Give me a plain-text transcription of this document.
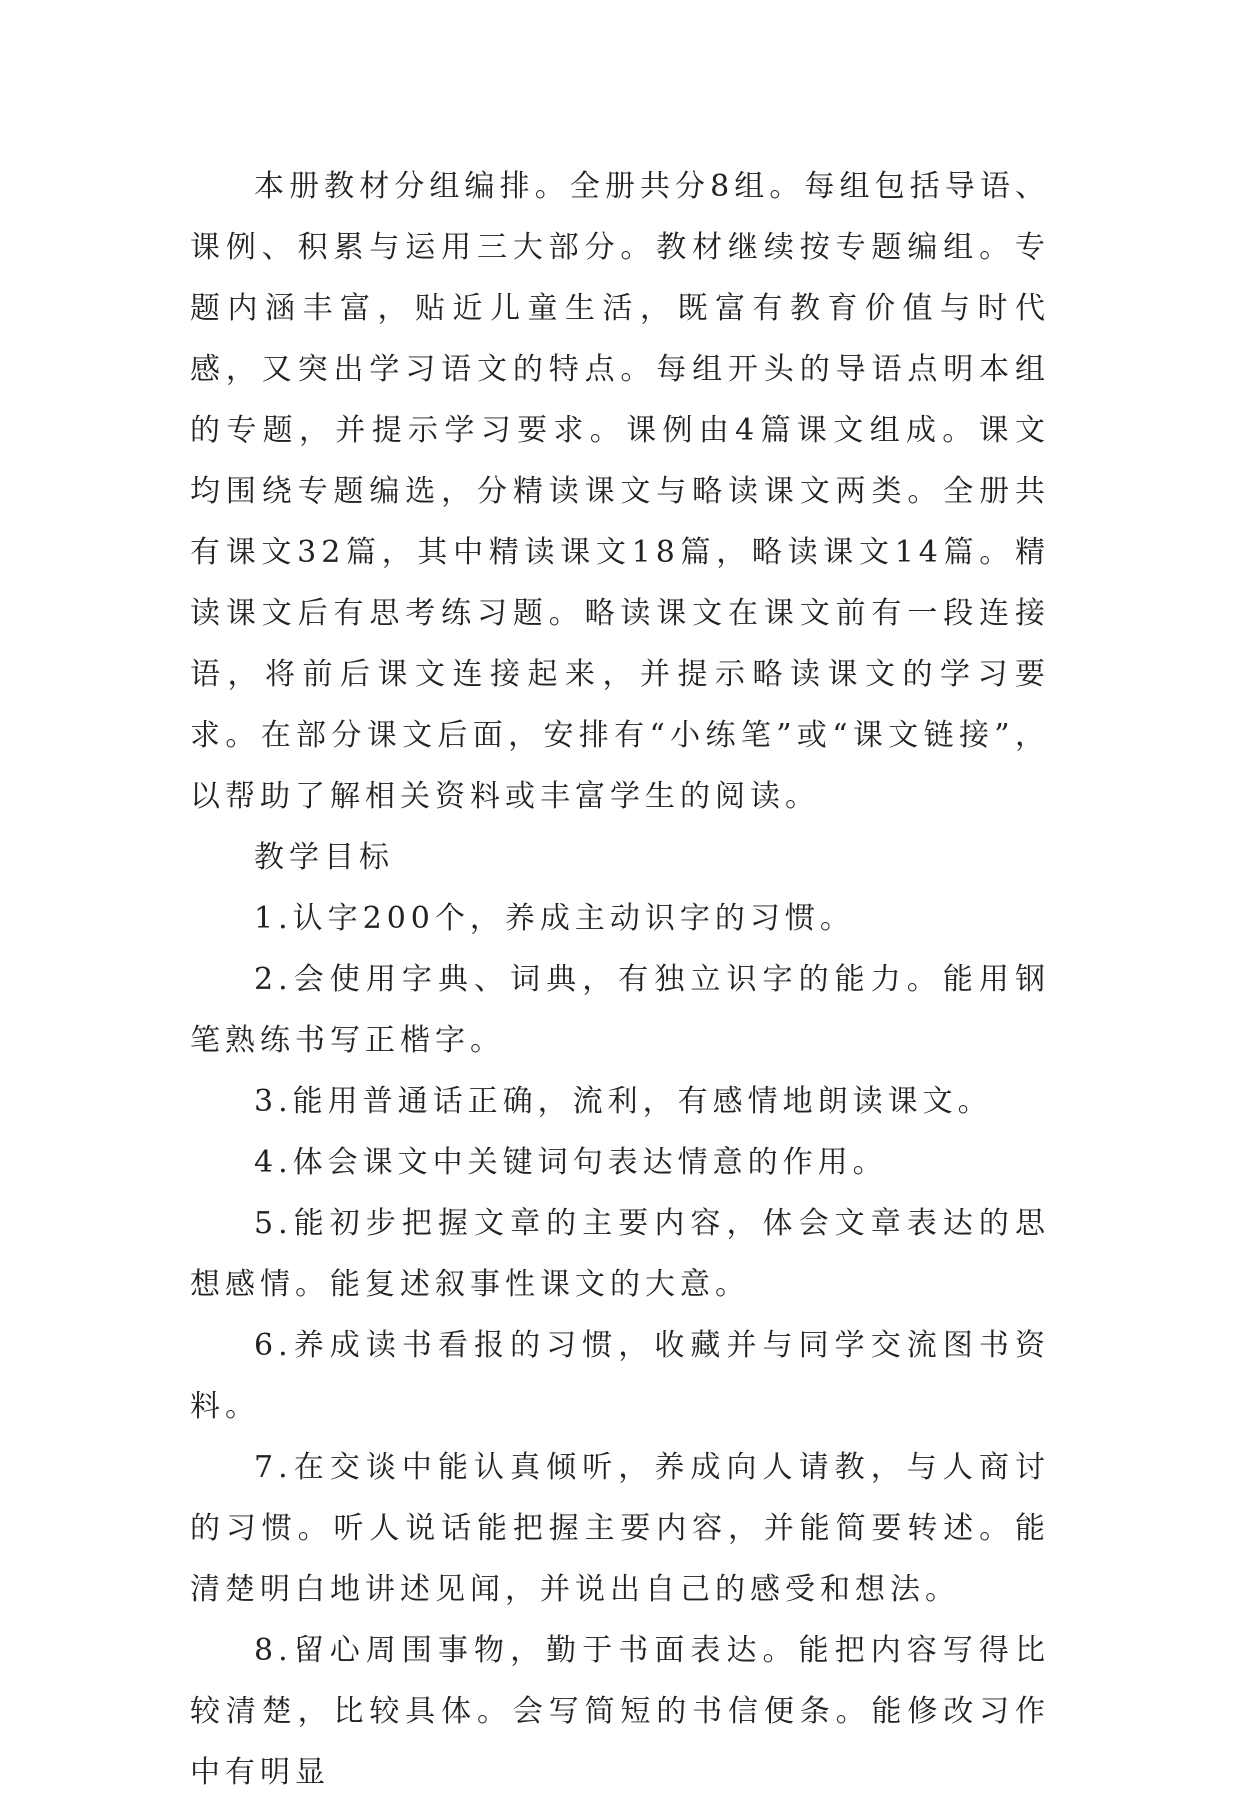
本册教材分组编排。全册共分8组。每组包括导语、课例、积累与运用三大部分。教材继续按专题编组。专题内涵丰富，贴近儿童生活，既富有教育价值与时代感，又突出学习语文的特点。每组开头的导语点明本组的专题，并提示学习要求。课例由4篇课文组成。课文均围绕专题编选，分精读课文与略读课文两类。全册共有课文32篇，其中精读课文18篇，略读课文14篇。精读课文后有思考练习题。略读课文在课文前有一段连接语，将前后课文连接起来，并提示略读课文的学习要求。在部分课文后面，安排有“小练笔”或“课文链接”，以帮助了解相关资料或丰富学生的阅读。

教学目标

1.认字200个，养成主动识字的习惯。

2.会使用字典、词典，有独立识字的能力。能用钢笔熟练书写正楷字。

3.能用普通话正确，流利，有感情地朗读课文。

4.体会课文中关键词句表达情意的作用。

5.能初步把握文章的主要内容，体会文章表达的思想感情。能复述叙事性课文的大意。

6.养成读书看报的习惯，收藏并与同学交流图书资料。

7.在交谈中能认真倾听，养成向人请教，与人商讨的习惯。听人说话能把握主要内容，并能简要转述。能清楚明白地讲述见闻，并说出自己的感受和想法。

8.留心周围事物，勤于书面表达。能把内容写得比较清楚，比较具体。会写简短的书信便条。能修改习作中有明显
